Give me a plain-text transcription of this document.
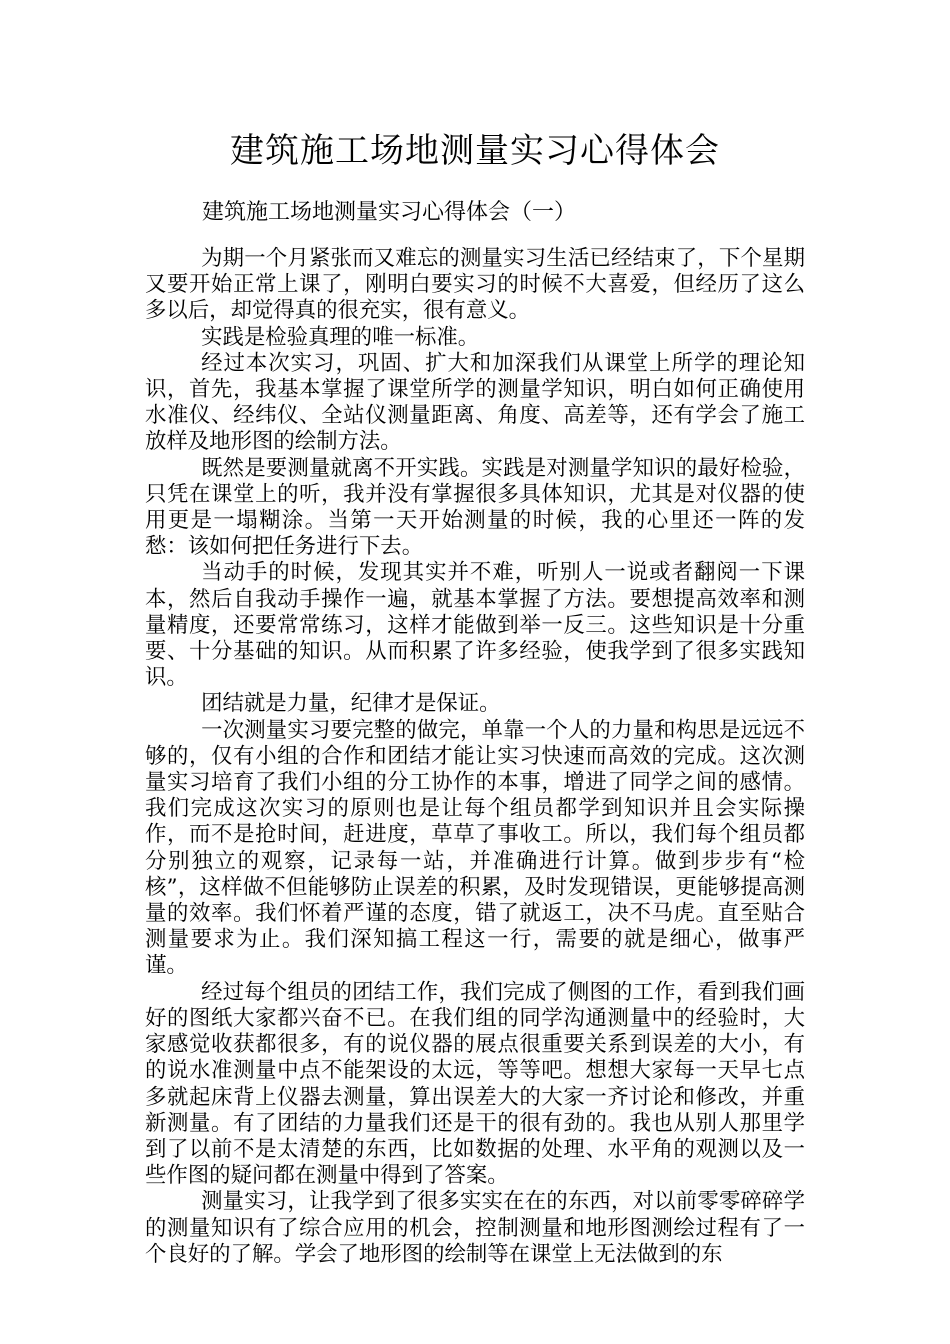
建筑施工场地测量实习心得体会

建筑施工场地测量实习心得体会（一）

为期一个月紧张而又难忘的测量实习生活已经结束了，下个星期又要开始正常上课了，刚明白要实习的时候不大喜爱，但经历了这么多以后，却觉得真的很充实，很有意义。

实践是检验真理的唯一标准。

经过本次实习，巩固、扩大和加深我们从课堂上所学的理论知识，首先，我基本掌握了课堂所学的测量学知识，明白如何正确使用水准仪、经纬仪、全站仪测量距离、角度、高差等，还有学会了施工放样及地形图的绘制方法。

既然是要测量就离不开实践。实践是对测量学知识的最好检验，只凭在课堂上的听，我并没有掌握很多具体知识，尤其是对仪器的使用更是一塌糊涂。当第一天开始测量的时候，我的心里还一阵的发愁：该如何把任务进行下去。

当动手的时候，发现其实并不难，听别人一说或者翻阅一下课本，然后自我动手操作一遍，就基本掌握了方法。要想提高效率和测量精度，还要常常练习，这样才能做到举一反三。这些知识是十分重要、十分基础的知识。从而积累了许多经验，使我学到了很多实践知识。

团结就是力量，纪律才是保证。

一次测量实习要完整的做完，单靠一个人的力量和构思是远远不够的，仅有小组的合作和团结才能让实习快速而高效的完成。这次测量实习培育了我们小组的分工协作的本事，增进了同学之间的感情。我们完成这次实习的原则也是让每个组员都学到知识并且会实际操作，而不是抢时间，赶进度，草草了事收工。所以，我们每个组员都分别独立的观察，记录每一站，并准确进行计算。做到步步有“检核”，这样做不但能够防止误差的积累，及时发现错误，更能够提高测量的效率。我们怀着严谨的态度，错了就返工，决不马虎。直至贴合测量要求为止。我们深知搞工程这一行，需要的就是细心，做事严谨。

经过每个组员的团结工作，我们完成了侧图的工作，看到我们画好的图纸大家都兴奋不已。在我们组的同学沟通测量中的经验时，大家感觉收获都很多，有的说仪器的展点很重要关系到误差的大小，有的说水准测量中点不能架设的太远，等等吧。想想大家每一天早七点多就起床背上仪器去测量，算出误差大的大家一齐讨论和修改，并重新测量。有了团结的力量我们还是干的很有劲的。我也从别人那里学到了以前不是太清楚的东西，比如数据的处理、水平角的观测以及一些作图的疑问都在测量中得到了答案。

测量实习，让我学到了很多实实在在的东西，对以前零零碎碎学的测量知识有了综合应用的机会，控制测量和地形图测绘过程有了一个良好的了解。学会了地形图的绘制等在课堂上无法做到的东
